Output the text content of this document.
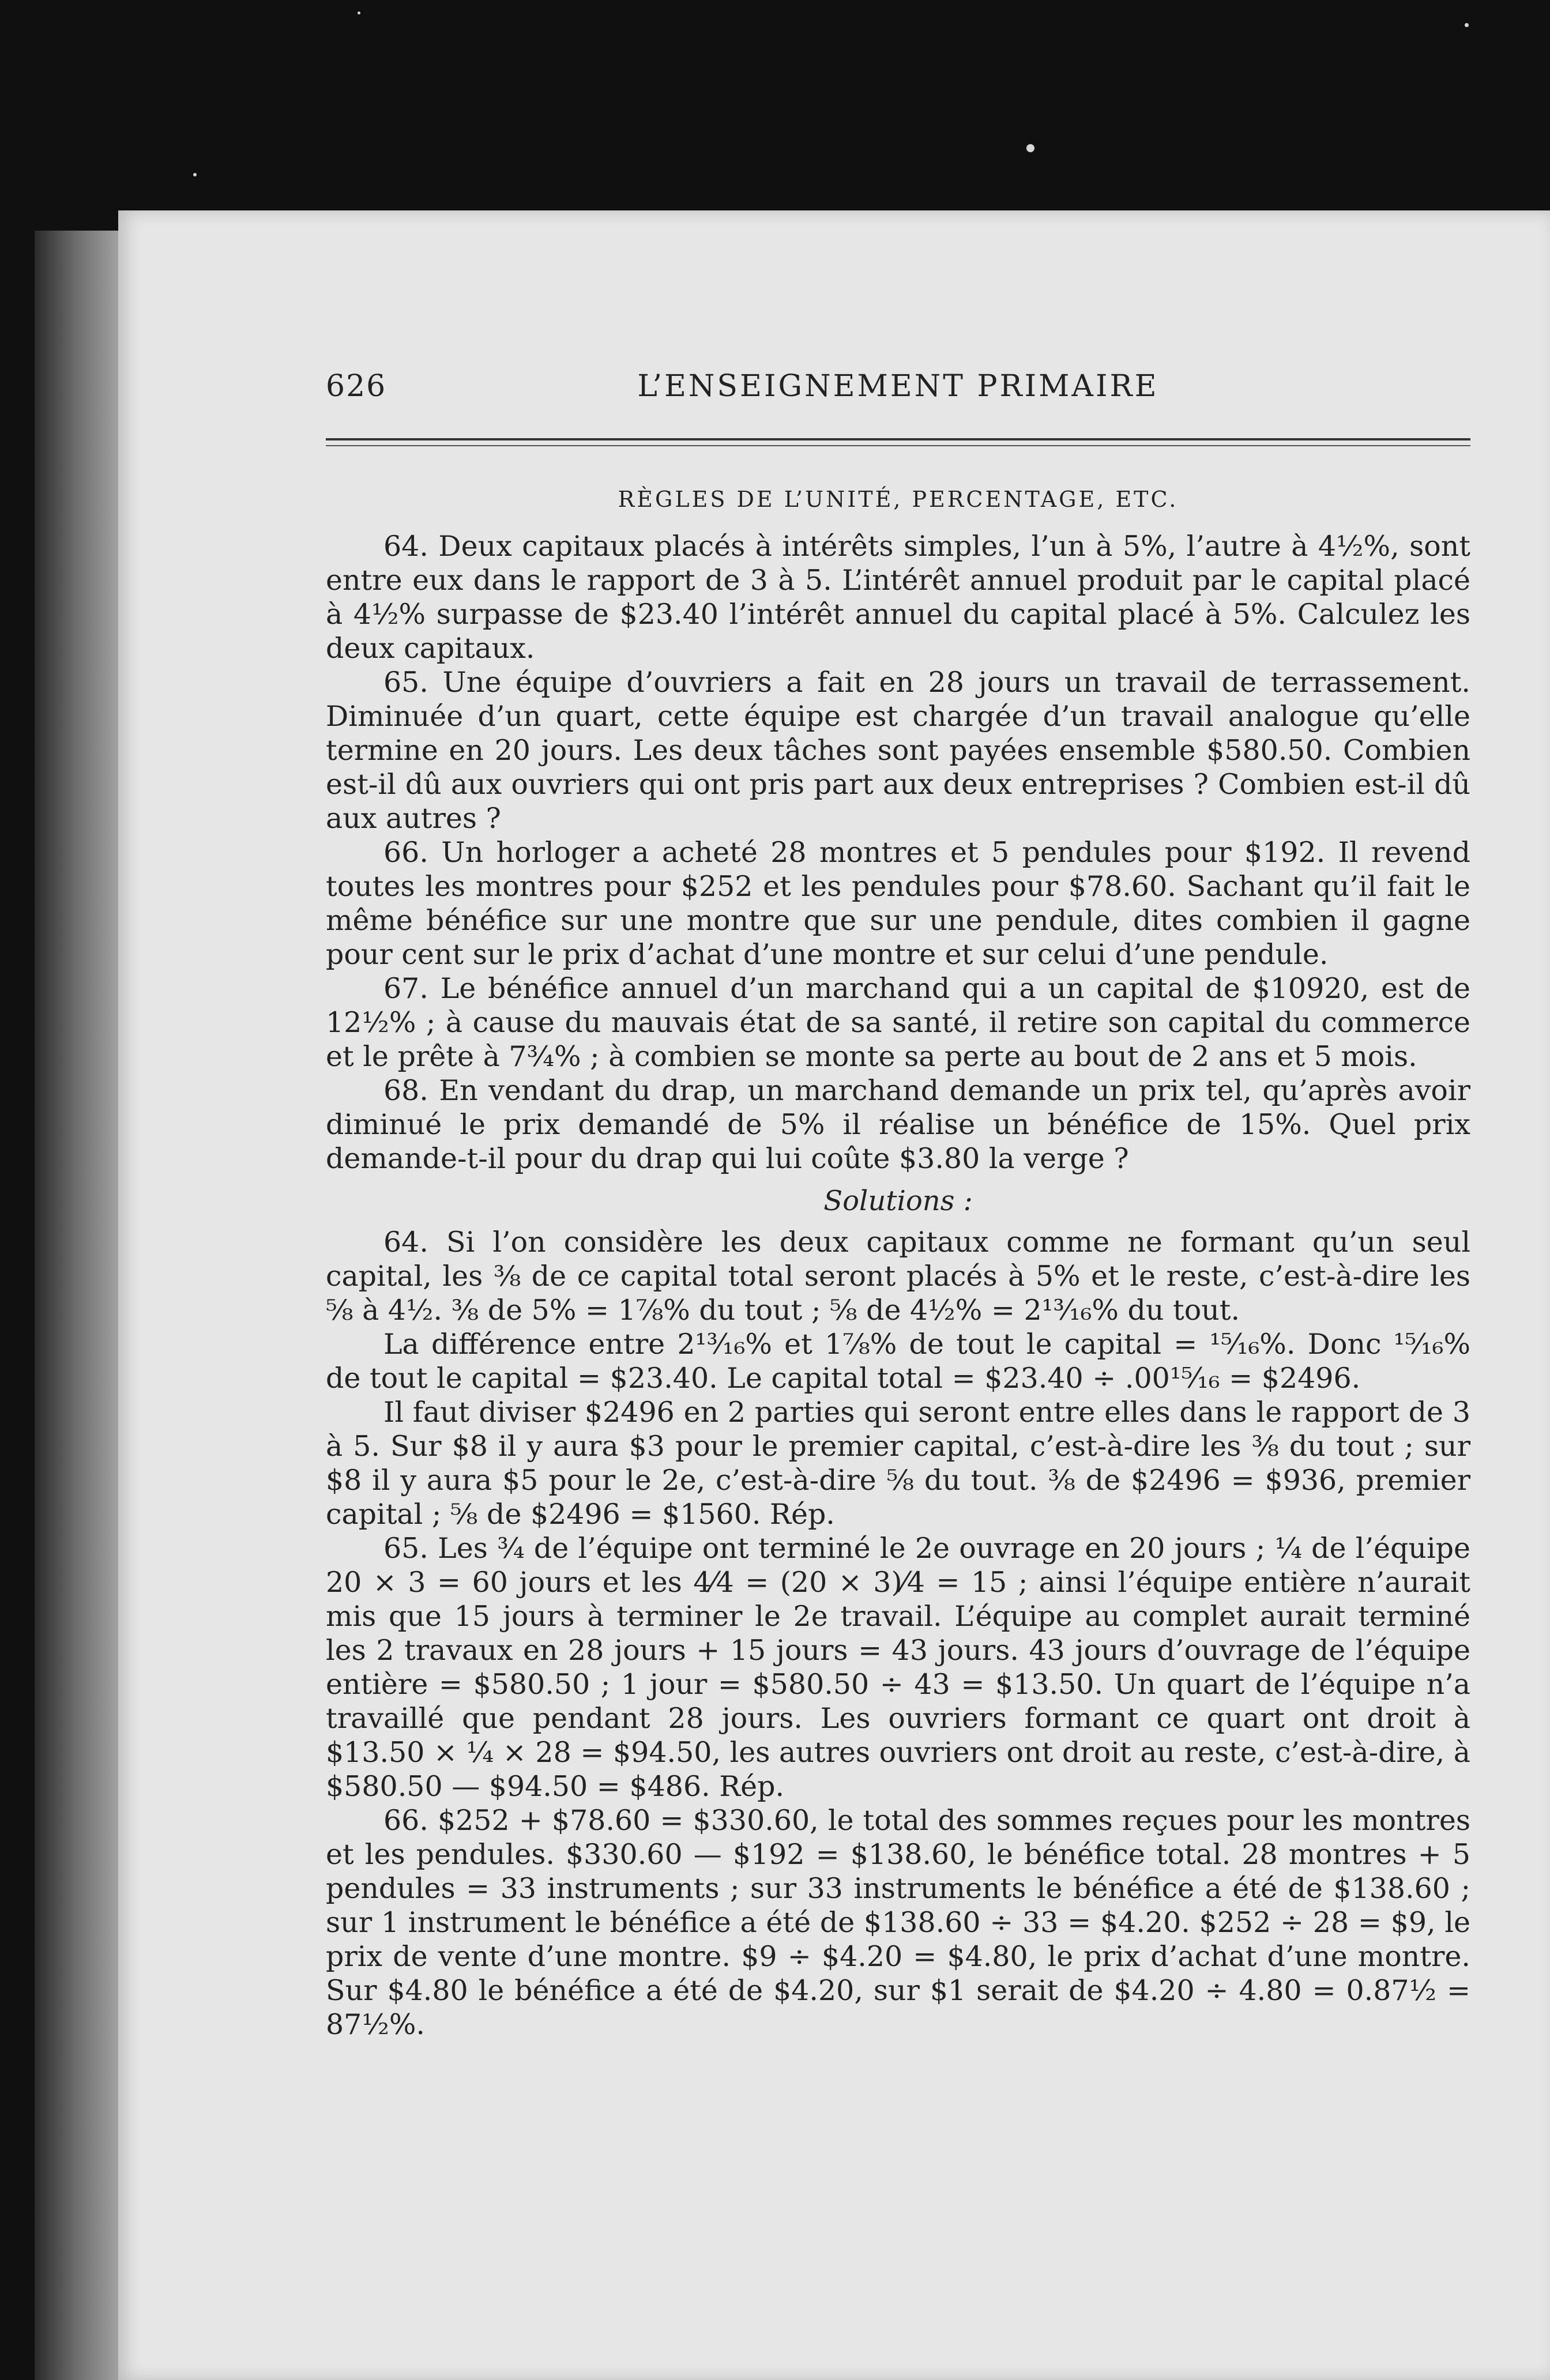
626	L’ENSEIGNEMENT PRIMAIRE
RÈGLES DE L’UNITÉ, PERCENTAGE, ETC.

64. Deux capitaux placés à intérêts simples, l’un à 5%, l’autre à 4½%, sont entre eux dans le rapport de 3 à 5. L’intérêt annuel produit par le capital placé à 4½% surpasse de $23.40 l’intérêt annuel du capital placé à 5%. Calculez les deux capitaux.

65. Une équipe d’ouvriers a fait en 28 jours un travail de terrassement. Diminuée d’un quart, cette équipe est chargée d’un travail analogue qu’elle termine en 20 jours. Les deux tâches sont payées ensemble $580.50. Combien est-il dû aux ouvriers qui ont pris part aux deux entreprises ? Combien est-il dû aux autres ?

66. Un horloger a acheté 28 montres et 5 pendules pour $192. Il revend toutes les montres pour $252 et les pendules pour $78.60. Sachant qu’il fait le même bénéfice sur une montre que sur une pendule, dites combien il gagne pour cent sur le prix d’achat d’une montre et sur celui d’une pendule.

67. Le bénéfice annuel d’un marchand qui a un capital de $10920, est de 12½% ; à cause du mauvais état de sa santé, il retire son capital du commerce et le prête à 7¾% ; à combien se monte sa perte au bout de 2 ans et 5 mois.

68. En vendant du drap, un marchand demande un prix tel, qu’après avoir diminué le prix demandé de 5% il réalise un bénéfice de 15%. Quel prix demande-t-il pour du drap qui lui coûte $3.80 la verge ?

Solutions :

64. Si l’on considère les deux capitaux comme ne formant qu’un seul capital, les ⅜ de ce capital total seront placés à 5% et le reste, c’est-à-dire les ⅝ à 4½. ⅜ de 5% = 1⅞% du tout ; ⅝ de 4½% = 2¹³⁄₁₆% du tout.

La différence entre 2¹³⁄₁₆% et 1⅞% de tout le capital = ¹⁵⁄₁₆%. Donc ¹⁵⁄₁₆% de tout le capital = $23.40. Le capital total = $23.40 ÷ .00¹⁵⁄₁₆ = $2496.

Il faut diviser $2496 en 2 parties qui seront entre elles dans le rapport de 3 à 5. Sur $8 il y aura $3 pour le premier capital, c’est-à-dire les ⅜ du tout ; sur $8 il y aura $5 pour le 2e, c’est-à-dire ⅝ du tout. ⅜ de $2496 = $936, premier capital ; ⅝ de $2496 = $1560. Rép.

65. Les ¾ de l’équipe ont terminé le 2e ouvrage en 20 jours ; ¼ de l’équipe 20 × 3 = 60 jours et les 4⁄4 = (20 × 3)⁄4 = 15 ; ainsi l’équipe entière n’aurait mis que 15 jours à terminer le 2e travail. L’équipe au complet aurait terminé les 2 travaux en 28 jours + 15 jours = 43 jours. 43 jours d’ouvrage de l’équipe entière = $580.50 ; 1 jour = $580.50 ÷ 43 = $13.50. Un quart de l’équipe n’a travaillé que pendant 28 jours. Les ouvriers formant ce quart ont droit à $13.50 × ¼ × 28 = $94.50, les autres ouvriers ont droit au reste, c’est-à-dire, à $580.50 — $94.50 = $486. Rép.

66. $252 + $78.60 = $330.60, le total des sommes reçues pour les montres et les pendules. $330.60 — $192 = $138.60, le bénéfice total. 28 montres + 5 pendules = 33 instruments ; sur 33 instruments le bénéfice a été de $138.60 ; sur 1 instrument le bénéfice a été de $138.60 ÷ 33 = $4.20. $252 ÷ 28 = $9, le prix de vente d’une montre. $9 ÷ $4.20 = $4.80, le prix d’achat d’une montre. Sur $4.80 le bénéfice a été de $4.20, sur $1 serait de $4.20 ÷ 4.80 = 0.87½ = 87½%.
